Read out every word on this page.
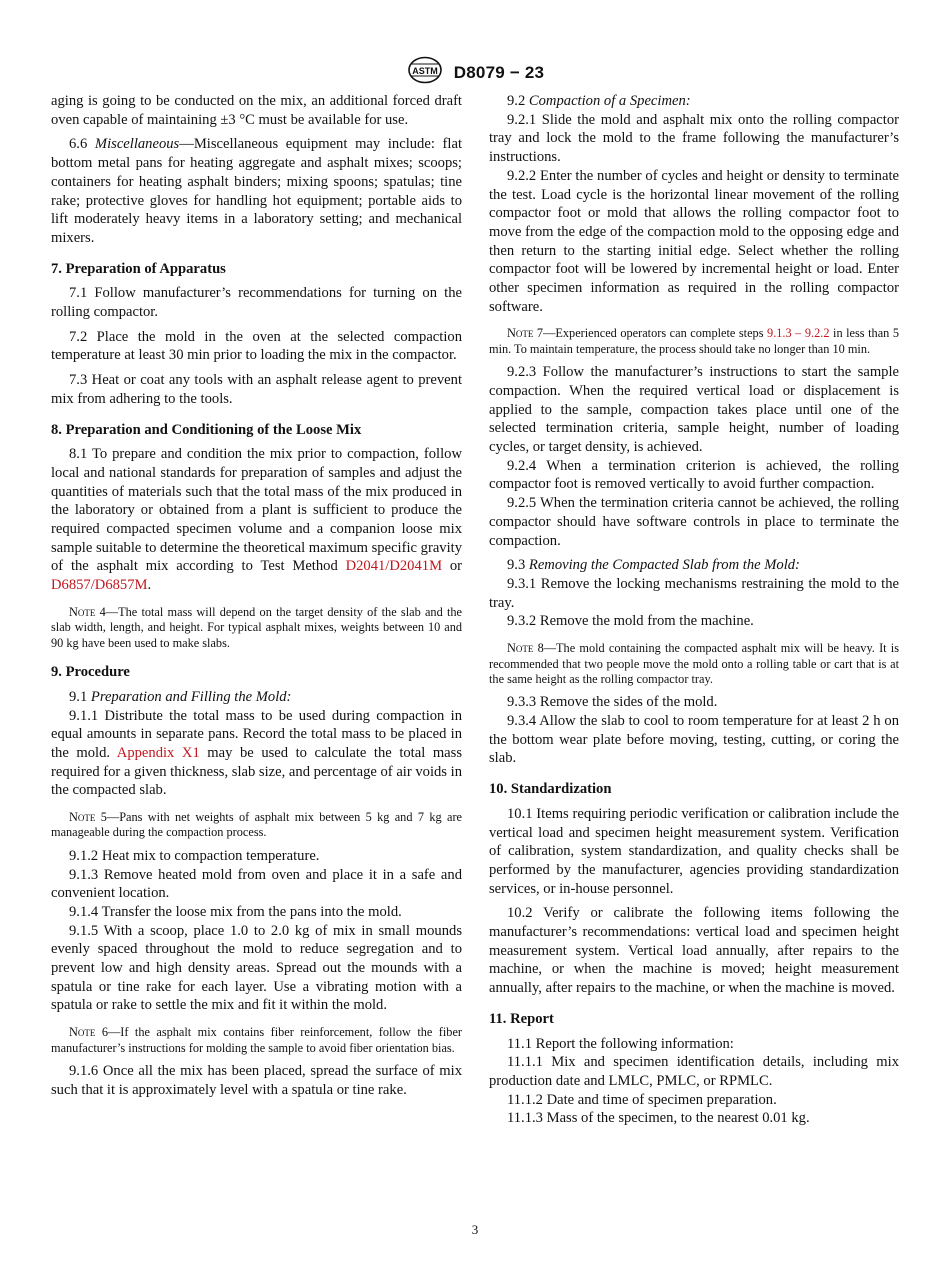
ASTM D8079 − 23

aging is going to be conducted on the mix, an additional forced draft oven capable of maintaining ±3 °C must be available for use.

6.6 Miscellaneous—Miscellaneous equipment may include: flat bottom metal pans for heating aggregate and asphalt mixes; scoops; containers for heating asphalt binders; mixing spoons; spatulas; tine rake; protective gloves for handling hot equipment; portable aids to lift moderately heavy items in a laboratory setting; and mechanical mixers.

7. Preparation of Apparatus

7.1 Follow manufacturer’s recommendations for turning on the rolling compactor.

7.2 Place the mold in the oven at the selected compaction temperature at least 30 min prior to loading the mix in the compactor.

7.3 Heat or coat any tools with an asphalt release agent to prevent mix from adhering to the tools.

8. Preparation and Conditioning of the Loose Mix

8.1 To prepare and condition the mix prior to compaction, follow local and national standards for preparation of samples and adjust the quantities of materials such that the total mass of the mix produced in the laboratory or obtained from a plant is sufficient to produce the required compacted specimen volume and a companion loose mix sample suitable to determine the theoretical maximum specific gravity of the asphalt mix according to Test Method D2041/D2041M or D6857/D6857M.

Note 4—The total mass will depend on the target density of the slab and the slab width, length, and height. For typical asphalt mixes, weights between 10 and 90 kg have been used to make slabs.

9. Procedure

9.1 Preparation and Filling the Mold:

9.1.1 Distribute the total mass to be used during compaction in equal amounts in separate pans. Record the total mass to be placed in the mold. Appendix X1 may be used to calculate the total mass required for a given thickness, slab size, and percentage of air voids in the compacted slab.

Note 5—Pans with net weights of asphalt mix between 5 kg and 7 kg are manageable during the compaction process.

9.1.2 Heat mix to compaction temperature.

9.1.3 Remove heated mold from oven and place it in a safe and convenient location.

9.1.4 Transfer the loose mix from the pans into the mold.

9.1.5 With a scoop, place 1.0 to 2.0 kg of mix in small mounds evenly spaced throughout the mold to reduce segregation and to prevent low and high density areas. Spread out the mounds with a spatula or tine rake for each layer. Use a vibrating motion with a spatula or rake to settle the mix and fit it within the mold.

Note 6—If the asphalt mix contains fiber reinforcement, follow the fiber manufacturer’s instructions for molding the sample to avoid fiber orientation bias.

9.1.6 Once all the mix has been placed, spread the surface of mix such that it is approximately level with a spatula or tine rake.

9.2 Compaction of a Specimen:

9.2.1 Slide the mold and asphalt mix onto the rolling compactor tray and lock the mold to the frame following the manufacturer’s instructions.

9.2.2 Enter the number of cycles and height or density to terminate the test. Load cycle is the horizontal linear movement of the rolling compactor foot or mold that allows the rolling compactor foot to move from the edge of the compaction mold to the opposing edge and then return to the starting initial edge. Select whether the rolling compactor foot will be lowered by incremental height or load. Enter other specimen information as required in the rolling compactor software.

Note 7—Experienced operators can complete steps 9.1.3 – 9.2.2 in less than 5 min. To maintain temperature, the process should take no longer than 10 min.

9.2.3 Follow the manufacturer’s instructions to start the sample compaction. When the required vertical load or displacement is applied to the sample, compaction takes place until one of the selected termination criteria, sample height, number of loading cycles, or target density, is achieved.

9.2.4 When a termination criterion is achieved, the rolling compactor foot is removed vertically to avoid further compaction.

9.2.5 When the termination criteria cannot be achieved, the rolling compactor should have software controls in place to terminate the compaction.

9.3 Removing the Compacted Slab from the Mold:

9.3.1 Remove the locking mechanisms restraining the mold to the tray.

9.3.2 Remove the mold from the machine.

Note 8—The mold containing the compacted asphalt mix will be heavy. It is recommended that two people move the mold onto a rolling table or cart that is at the same height as the rolling compactor tray.

9.3.3 Remove the sides of the mold.

9.3.4 Allow the slab to cool to room temperature for at least 2 h on the bottom wear plate before moving, testing, cutting, or coring the slab.

10. Standardization

10.1 Items requiring periodic verification or calibration include the vertical load and specimen height measurement system. Verification of calibration, system standardization, and quality checks shall be performed by the manufacturer, agencies providing standardization services, or in-house personnel.

10.2 Verify or calibrate the following items following the manufacturer’s recommendations: vertical load and specimen height measurement system. Vertical load annually, after repairs to the machine, or when the machine is moved; height measurement annually, after repairs to the machine, or when the machine is moved.

11. Report

11.1 Report the following information:

11.1.1 Mix and specimen identification details, including mix production date and LMLC, PMLC, or RPMLC.

11.1.2 Date and time of specimen preparation.

11.1.3 Mass of the specimen, to the nearest 0.01 kg.

3
